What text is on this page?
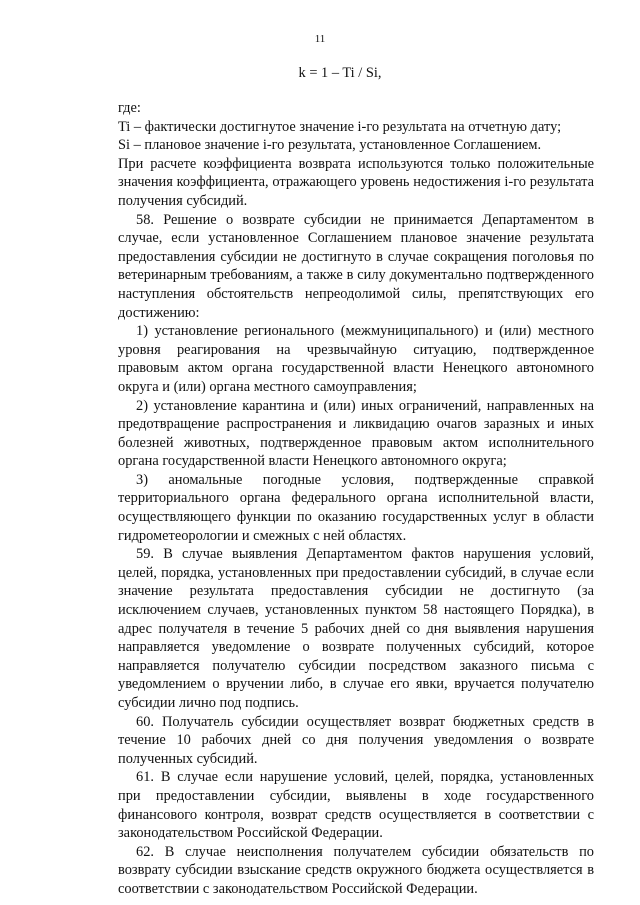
11
k = 1 – Ti / Si,

где:

Ti – фактически достигнутое значение i-го результата на отчетную дату;

Si – плановое значение i-го результата, установленное Соглашением.

При расчете коэффициента возврата используются только положительные значения коэффициента, отражающего уровень недостижения i-го результата получения субсидий.

58. Решение о возврате субсидии не принимается Департаментом в случае, если установленное Соглашением плановое значение результата предоставления субсидии не достигнуто в случае сокращения поголовья по ветеринарным требованиям, а также в силу документально подтвержденного наступления обстоятельств непреодолимой силы, препятствующих его достижению:

1) установление регионального (межмуниципального) и (или) местного уровня реагирования на чрезвычайную ситуацию, подтвержденное правовым актом органа государственной власти Ненецкого автономного округа и (или) органа местного самоуправления;

2) установление карантина и (или) иных ограничений, направленных на предотвращение распространения и ликвидацию очагов заразных и иных болезней животных, подтвержденное правовым актом исполнительного органа государственной власти Ненецкого автономного округа;

3) аномальные погодные условия, подтвержденные справкой территориального органа федерального органа исполнительной власти, осуществляющего функции по оказанию государственных услуг в области гидрометеорологии и смежных с ней областях.

59. В случае выявления Департаментом фактов нарушения условий, целей, порядка, установленных при предоставлении субсидий, в случае если значение результата предоставления субсидии не достигнуто (за исключением случаев, установленных пунктом 58 настоящего Порядка), в адрес получателя в течение 5 рабочих дней со дня выявления нарушения направляется уведомление о возврате полученных субсидий, которое направляется получателю субсидии посредством заказного письма с уведомлением о вручении либо, в случае его явки, вручается получателю субсидии лично под подпись.

60. Получатель субсидии осуществляет возврат бюджетных средств в течение 10 рабочих дней со дня получения уведомления о возврате полученных субсидий.

61. В случае если нарушение условий, целей, порядка, установленных при предоставлении субсидии, выявлены в ходе государственного финансового контроля, возврат средств осуществляется в соответствии с законодательством Российской Федерации.

62. В случае неисполнения получателем субсидии обязательств по возврату субсидии взыскание средств окружного бюджета осуществляется в соответствии с законодательством Российской Федерации.
